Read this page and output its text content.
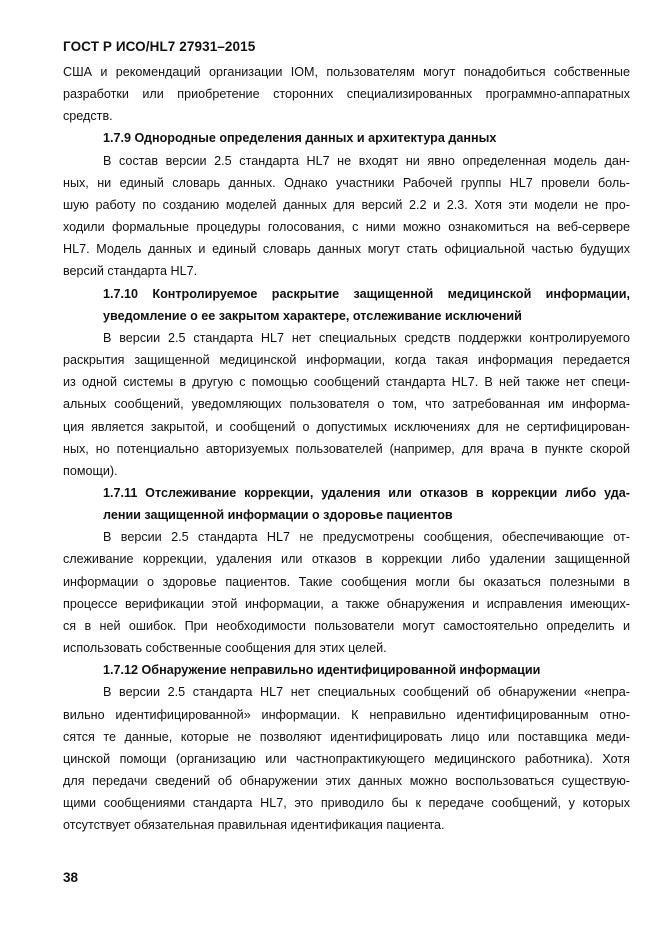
ГОСТ Р ИСО/HL7 27931–2015
США и рекомендаций организации IOM, пользователям могут понадобиться собственные
разработки или приобретение сторонних специализированных программно-аппаратных
средств.
1.7.9 Однородные определения данных и архитектура данных
В состав версии 2.5 стандарта HL7 не входят ни явно определенная модель дан-
ных, ни единый словарь данных. Однако участники Рабочей группы HL7 провели боль-
шую работу по созданию моделей данных для версий 2.2 и 2.3. Хотя эти модели не про-
ходили формальные процедуры голосования, с ними можно ознакомиться на веб-сервере
HL7. Модель данных и единый словарь данных могут стать официальной частью будущих
версий стандарта HL7.
1.7.10 Контролируемое раскрытие защищенной медицинской информации,
уведомление о ее закрытом характере, отслеживание исключений
В версии 2.5 стандарта HL7 нет специальных средств поддержки контролируемого
раскрытия защищенной медицинской информации, когда такая информация передается
из одной системы в другую с помощью сообщений стандарта HL7. В ней также нет специ-
альных сообщений, уведомляющих пользователя о том, что затребованная им информа-
ция является закрытой, и сообщений о допустимых исключениях для не сертифицирован-
ных, но потенциально авторизуемых пользователей (например, для врача в пункте скорой
помощи).
1.7.11 Отслеживание коррекции, удаления или отказов в коррекции либо уда-
лении защищенной информации о здоровье пациентов
В версии 2.5 стандарта HL7 не предусмотрены сообщения, обеспечивающие от-
слеживание коррекции, удаления или отказов в коррекции либо удалении защищенной
информации о здоровье пациентов. Такие сообщения могли бы оказаться полезными в
процессе верификации этой информации, а также обнаружения и исправления имеющих-
ся в ней ошибок. При необходимости пользователи могут самостоятельно определить и
использовать собственные сообщения для этих целей.
1.7.12 Обнаружение неправильно идентифицированной информации
В версии 2.5 стандарта HL7 нет специальных сообщений об обнаружении «непра-
вильно идентифицированной» информации. К неправильно идентифицированным отно-
сятся те данные, которые не позволяют идентифицировать лицо или поставщика меди-
цинской помощи (организацию или частнопрактикующего медицинского работника). Хотя
для передачи сведений об обнаружении этих данных можно воспользоваться существую-
щими сообщениями стандарта HL7, это приводило бы к передаче сообщений, у которых
отсутствует обязательная правильная идентификация пациента.
38
